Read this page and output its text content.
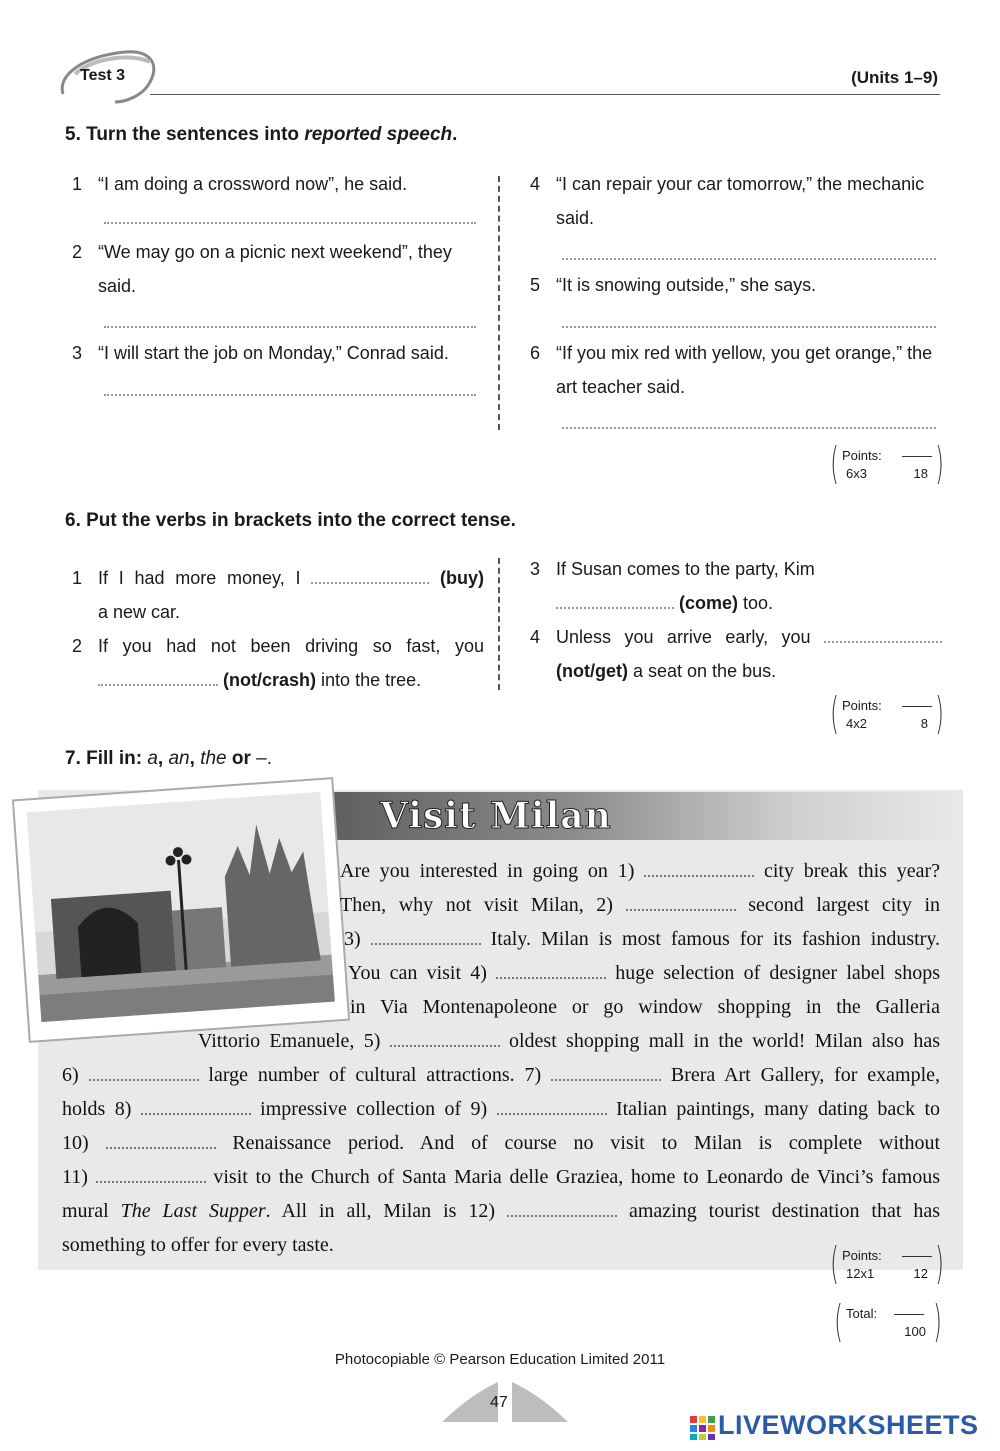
Test 3	(Units 1–9)
5. Turn the sentences into reported speech.
1 “I am doing a crossword now”, he said.
2 “We may go on a picnic next weekend”, they said.
3 “I will start the job on Monday,” Conrad said.
4 “I can repair your car tomorrow,” the mechanic said.
5 “It is snowing outside,” she says.
6 “If you mix red with yellow, you get orange,” the art teacher said.
( Points:
6x3	18 )
6. Put the verbs in brackets into the correct tense.
1 If I had more money, I	(buy)
a new car.
2 If you had not been driving so fast, you
(not/crash) into the tree.
3 If Susan comes to the party, Kim
(come) too.
4 Unless you arrive early, you
(not/get) a seat on the bus.
( Points:
4x2	8 )
7. Fill in: a, an, the or –.
Visit Milan
Are you interested in going on 1)	city break this year?
Then, why not visit Milan, 2)	second largest city in
3)	Italy. Milan is most famous for its fashion industry.
You can visit 4)	huge selection of designer label shops
in Via Montenapoleone or go window shopping in the Galleria
Vittorio Emanuele, 5)	oldest shopping mall in the world! Milan also has
6)	large number of cultural attractions. 7)	Brera Art Gallery, for example,
holds 8)	impressive collection of 9)	Italian paintings, many dating back to
10)	Renaissance period. And of course no visit to Milan is complete without
11)	visit to the Church of Santa Maria delle Graziea, home to Leonardo de Vinci’s famous
mural The Last Supper. All in all, Milan is 12)	amazing tourist destination that has
something to offer for every taste.	( Points:
12x1	12 )
( Total:
100 )
Photocopiable © Pearson Education Limited 2011
47
LIVEWORKSHEETS
